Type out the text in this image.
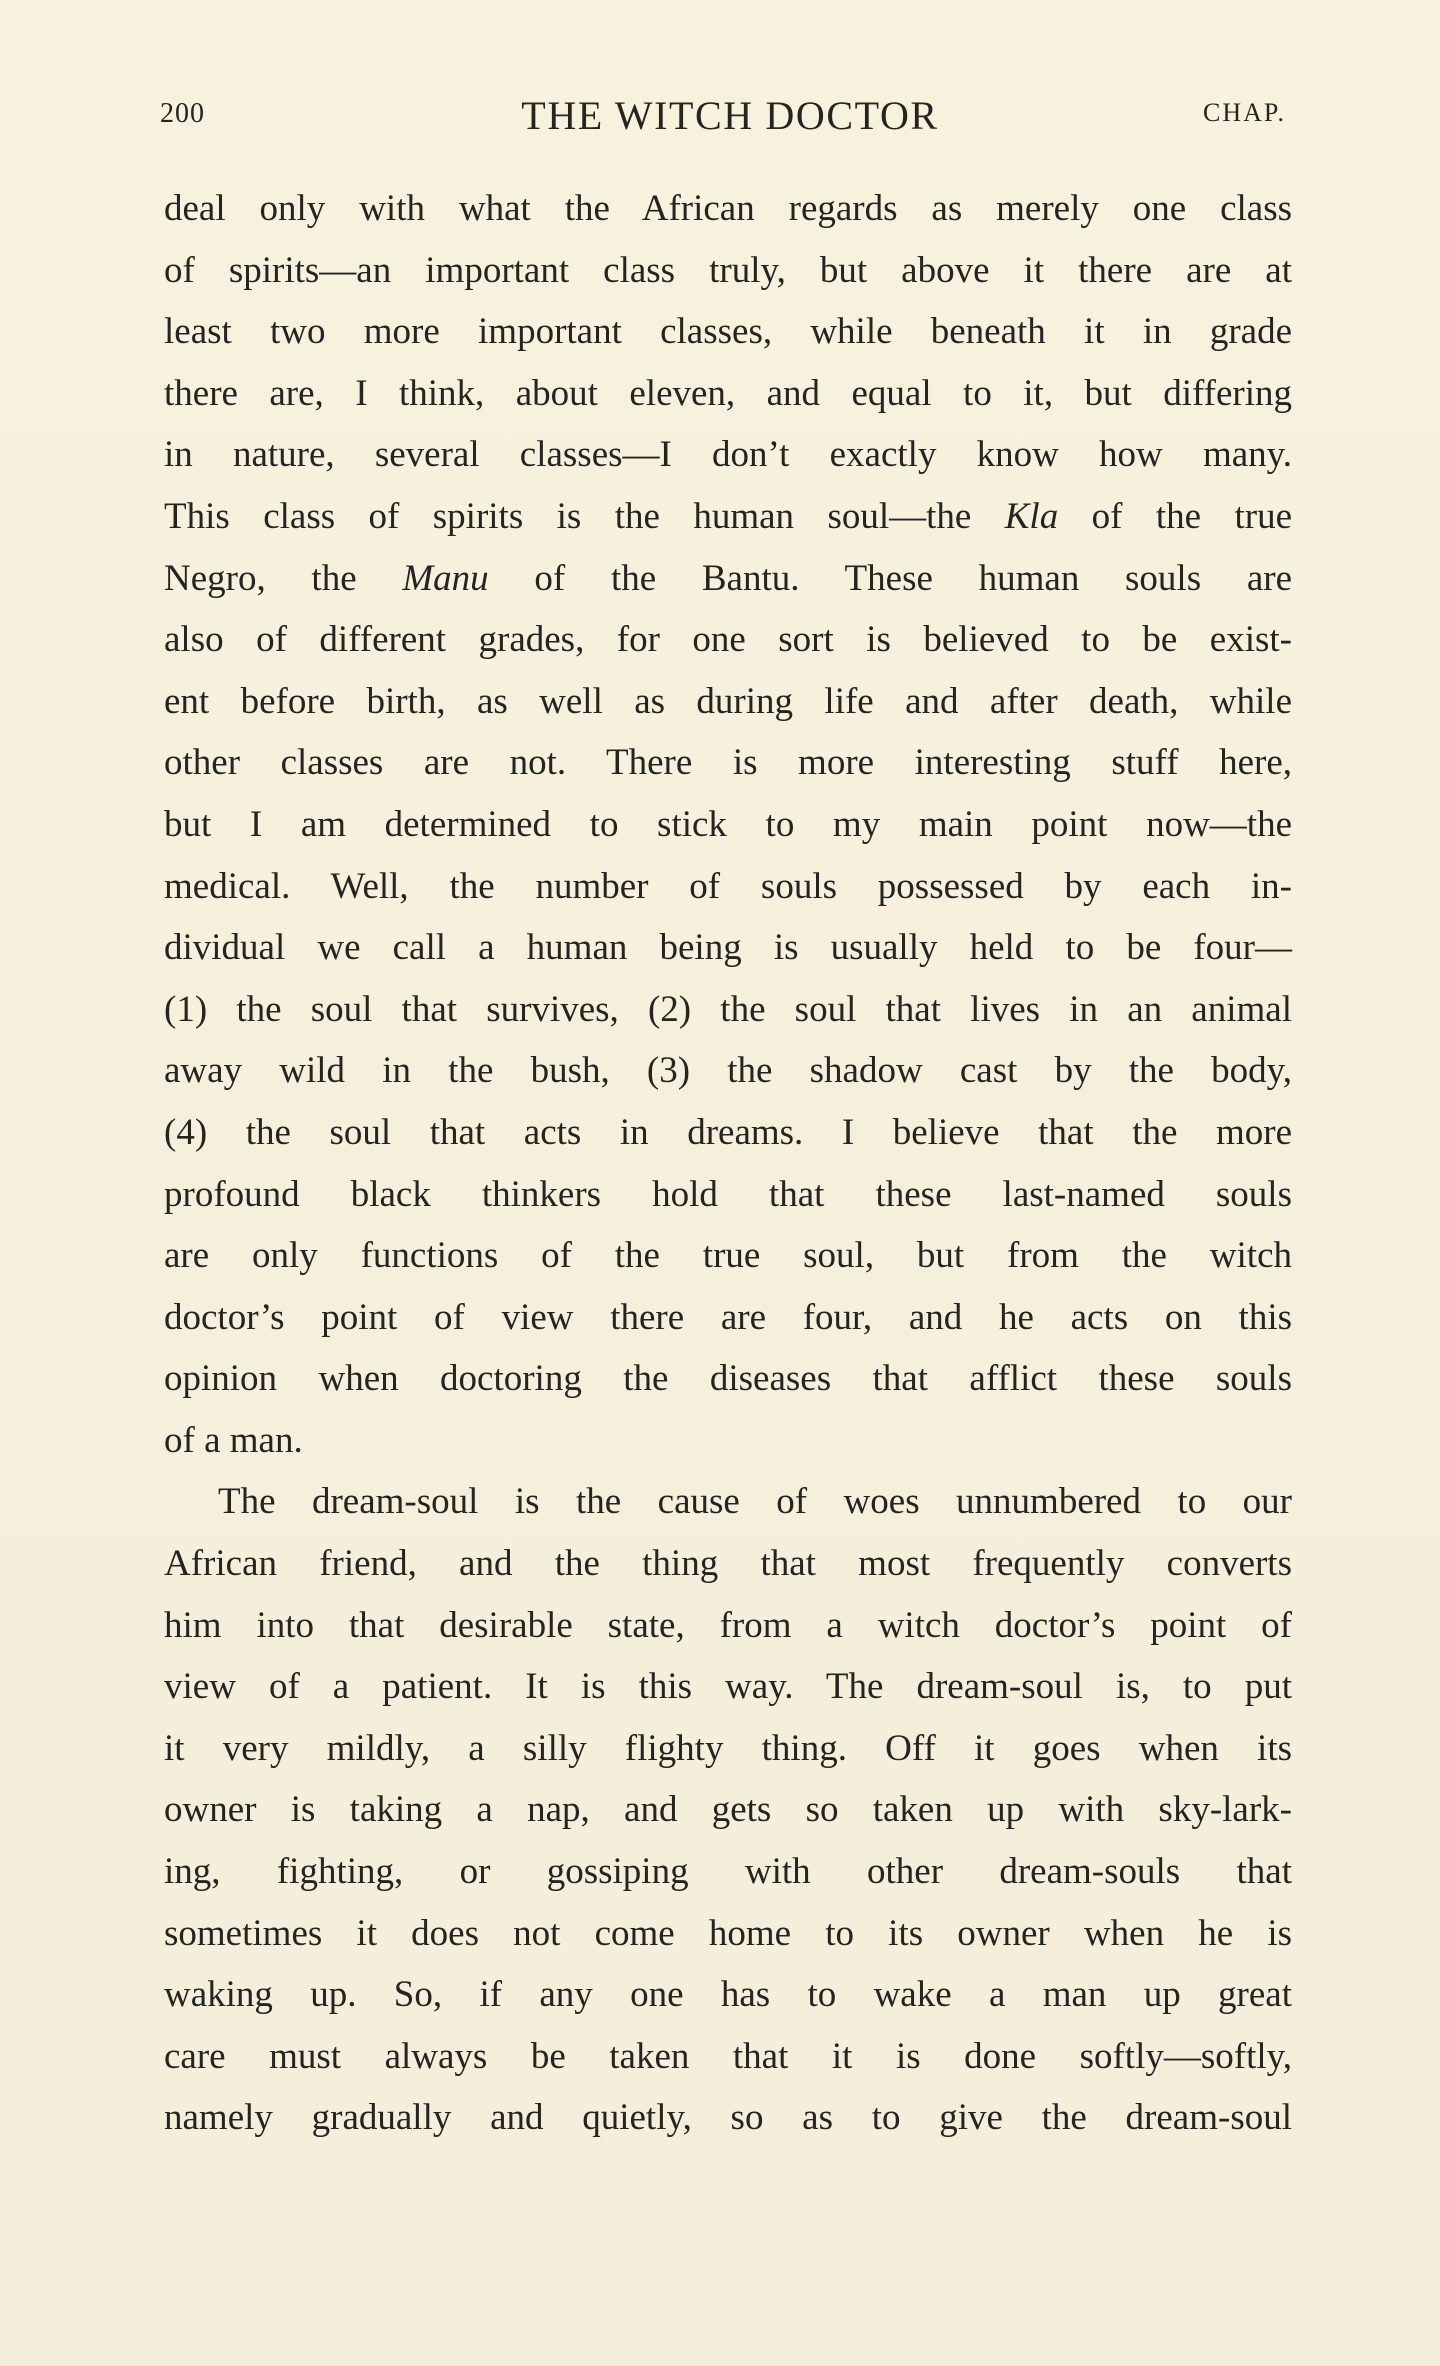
200	THE WITCH DOCTOR	CHAP.
deal only with what the African regards as merely one class
of spirits—an important class truly, but above it there are at
least two more important classes, while beneath it in grade
there are, I think, about eleven, and equal to it, but differing
in nature, several classes—I don’t exactly know how many.
This class of spirits is the human soul—the Kla of the true
Negro, the Manu of the Bantu. These human souls are
also of different grades, for one sort is believed to be exist-
ent before birth, as well as during life and after death, while
other classes are not. There is more interesting stuff here,
but I am determined to stick to my main point now—the
medical. Well, the number of souls possessed by each in-
dividual we call a human being is usually held to be four—
(1) the soul that survives, (2) the soul that lives in an animal
away wild in the bush, (3) the shadow cast by the body,
(4) the soul that acts in dreams. I believe that the more
profound black thinkers hold that these last-named souls
are only functions of the true soul, but from the witch
doctor’s point of view there are four, and he acts on this
opinion when doctoring the diseases that afflict these souls
of a man.
The dream-soul is the cause of woes unnumbered to our
African friend, and the thing that most frequently converts
him into that desirable state, from a witch doctor’s point of
view of a patient. It is this way. The dream-soul is, to put
it very mildly, a silly flighty thing. Off it goes when its
owner is taking a nap, and gets so taken up with sky-lark-
ing, fighting, or gossiping with other dream-souls that
sometimes it does not come home to its owner when he is
waking up. So, if any one has to wake a man up great
care must always be taken that it is done softly—softly,
namely gradually and quietly, so as to give the dream-soul
